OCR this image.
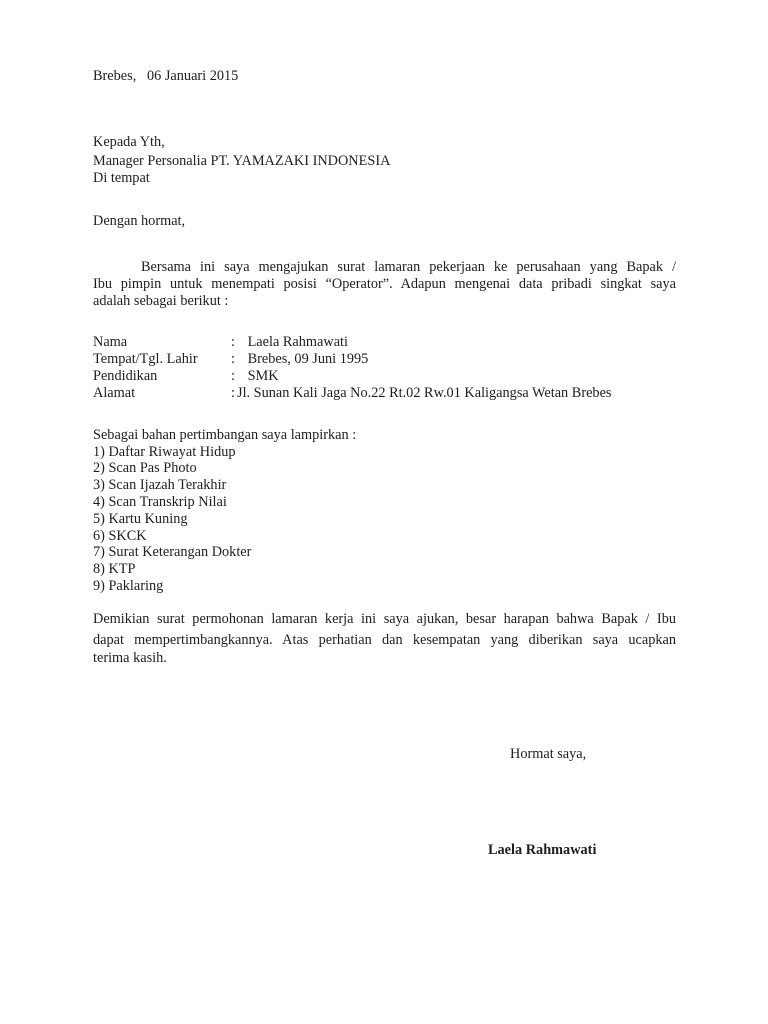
Brebes,   06 Januari 2015
Kepada Yth,
Manager Personalia PT. YAMAZAKI INDONESIA
Di tempat
Dengan hormat,
Bersama ini saya mengajukan surat lamaran pekerjaan ke perusahaan yang Bapak /
Ibu pimpin untuk menempati posisi “Operator”. Adapun mengenai data pribadi singkat saya
adalah sebagai berikut :
Nama	: Laela Rahmawati
Tempat/Tgl. Lahir : Brebes, 09 Juni 1995
Pendidikan	: SMK
Alamat	: Jl. Sunan Kali Jaga No.22 Rt.02 Rw.01 Kaligangsa Wetan Brebes
Sebagai bahan pertimbangan saya lampirkan :
1) Daftar Riwayat Hidup
2) Scan Pas Photo
3) Scan Ijazah Terakhir
4) Scan Transkrip Nilai
5) Kartu Kuning
6) SKCK
7) Surat Keterangan Dokter
8) KTP
9) Paklaring
Demikian surat permohonan lamaran kerja ini saya ajukan, besar harapan bahwa Bapak / Ibu
dapat mempertimbangkannya. Atas perhatian dan kesempatan yang diberikan saya ucapkan
terima kasih.
Hormat saya,
Laela Rahmawati
